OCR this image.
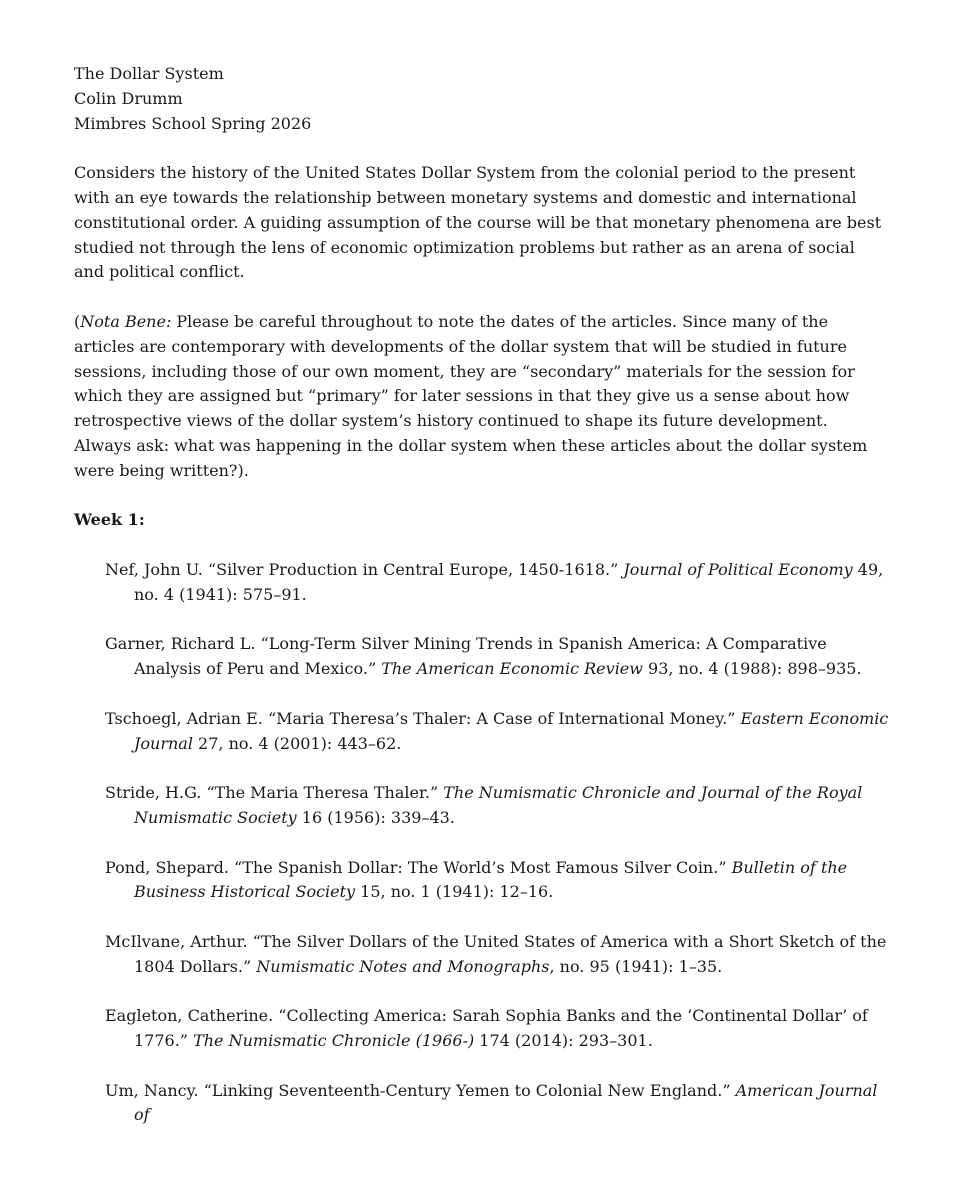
The Dollar System

Colin Drumm

Mimbres School Spring 2026

Considers the history of the United States Dollar System from the colonial period to the present with an eye towards the relationship between monetary systems and domestic and international constitutional order. A guiding assumption of the course will be that monetary phenomena are best studied not through the lens of economic optimization problems but rather as an arena of social and political conflict.

(Nota Bene: Please be careful throughout to note the dates of the articles. Since many of the articles are contemporary with developments of the dollar system that will be studied in future sessions, including those of our own moment, they are “secondary” materials for the session for which they are assigned but “primary” for later sessions in that they give us a sense about how retrospective views of the dollar system’s history continued to shape its future development. Always ask: what was happening in the dollar system when these articles about the dollar system were being written?).

Week 1:

Nef, John U. “Silver Production in Central Europe, 1450-1618.” Journal of Political Economy 49, no. 4 (1941): 575–91.
Garner, Richard L. “Long-Term Silver Mining Trends in Spanish America: A Comparative Analysis of Peru and Mexico.” The American Economic Review 93, no. 4 (1988): 898–935.
Tschoegl, Adrian E. “Maria Theresa’s Thaler: A Case of International Money.” Eastern Economic Journal 27, no. 4 (2001): 443–62.
Stride, H.G. “The Maria Theresa Thaler.” The Numismatic Chronicle and Journal of the Royal Numismatic Society 16 (1956): 339–43.
Pond, Shepard. “The Spanish Dollar: The World’s Most Famous Silver Coin.” Bulletin of the Business Historical Society 15, no. 1 (1941): 12–16.
McIlvane, Arthur. “The Silver Dollars of the United States of America with a Short Sketch of the 1804 Dollars.” Numismatic Notes and Monographs, no. 95 (1941): 1–35.
Eagleton, Catherine. “Collecting America: Sarah Sophia Banks and the ‘Continental Dollar’ of 1776.” The Numismatic Chronicle (1966-) 174 (2014): 293–301.
Um, Nancy. “Linking Seventeenth-Century Yemen to Colonial New England.” American Journal of
